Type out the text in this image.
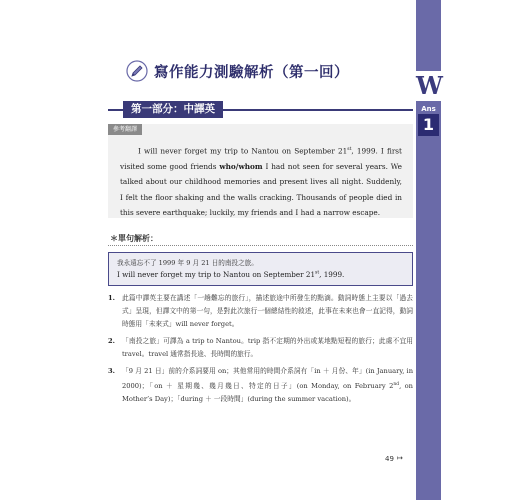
寫作能力測驗解析（第一回）
第一部分：中譯英
參考翻譯
I will never forget my trip to Nantou on September 21st, 1999. I first visited some good friends who/whom I had not seen for several years. We talked about our childhood memories and present lives all night. Suddenly, I felt the floor shaking and the walls cracking. Thousands of people died in this severe earthquake; luckily, my friends and I had a narrow escape.
＊單句解析：
我永遠忘不了 1999 年 9 月 21 日的南投之旅。
I will never forget my trip to Nantou on September 21st, 1999.
1. 此篇中譯英主要在講述「一趟難忘的旅行」，描述旅途中所發生的點滴。動詞時態上主要以「過去式」呈現，但譯文中的第一句，是對此次旅行一個總結性的敘述，此事在未來也會一直記得，動詞時態用「未來式」will never forget。
2. 「南投之旅」可譯為 a trip to Nantou。trip 指不定期的外出或某地點短程的旅行；此處不宜用 travel。travel 通常指長途、長時間的旅行。
3. 「9 月 21 日」前的介系詞要用 on；其他常用的時間介系詞有「in ＋ 月份、年」(in January, in 2000)；「on ＋ 星期幾、幾月幾日、特定的日子」(on Monday, on February 2nd, on Mother’s Day)；「during ＋ 一段時間」(during the summer vacation)。
W
Ans
1
49 ↦
